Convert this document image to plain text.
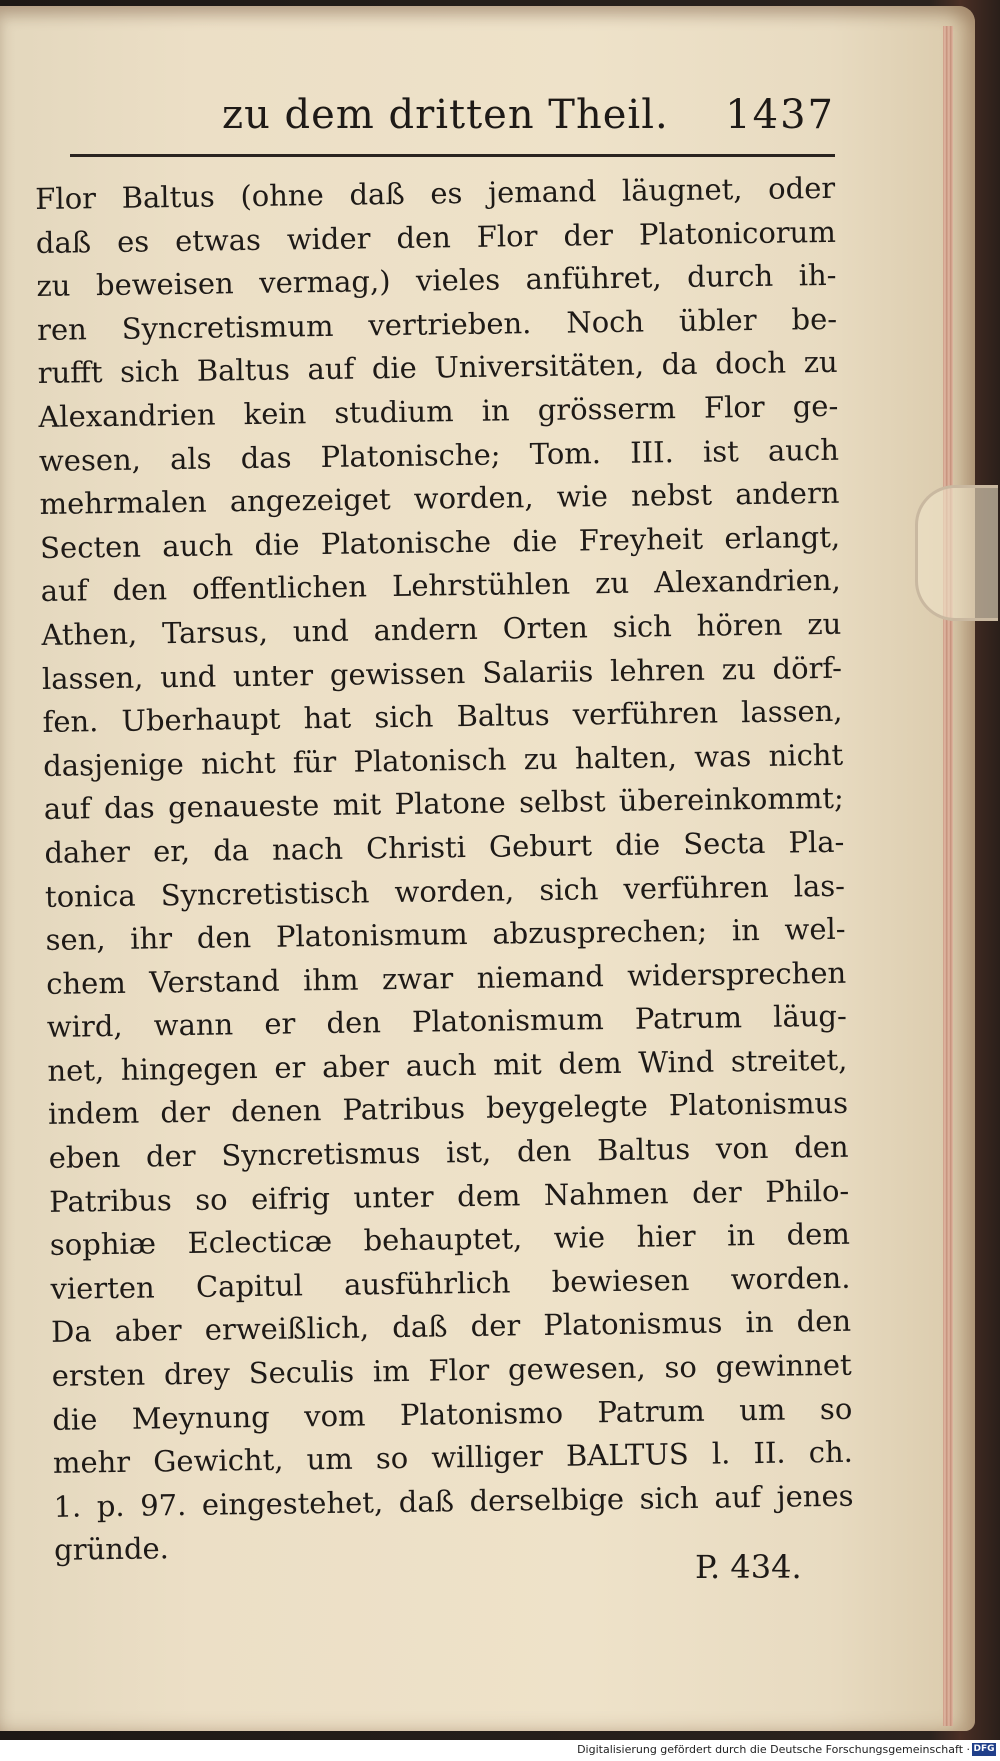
zu dem dritten Theil. 1437
Flor Baltus (ohne daß es jemand läugnet, oder
daß es etwas wider den Flor der Platonicorum
zu beweisen vermag,) vieles anführet, durch ih-
ren Syncretismum vertrieben. Noch übler be-
rufft sich Baltus auf die Universitäten, da doch zu
Alexandrien kein studium in grösserm Flor ge-
wesen, als das Platonische; Tom. III. ist auch
mehrmalen angezeiget worden, wie nebst andern
Secten auch die Platonische die Freyheit erlangt,
auf den offentlichen Lehrstühlen zu Alexandrien,
Athen, Tarsus, und andern Orten sich hören zu
lassen, und unter gewissen Salariis lehren zu dörf-
fen. Uberhaupt hat sich Baltus verführen lassen,
dasjenige nicht für Platonisch zu halten, was nicht
auf das genaueste mit Platone selbst übereinkommt;
daher er, da nach Christi Geburt die Secta Pla-
tonica Syncretistisch worden, sich verführen las-
sen, ihr den Platonismum abzusprechen; in wel-
chem Verstand ihm zwar niemand widersprechen
wird, wann er den Platonismum Patrum läug-
net, hingegen er aber auch mit dem Wind streitet,
indem der denen Patribus beygelegte Platonismus
eben der Syncretismus ist, den Baltus von den
Patribus so eifrig unter dem Nahmen der Philo-
sophiæ Eclecticæ behauptet, wie hier in dem
vierten Capitul ausführlich bewiesen worden.
Da aber erweißlich, daß der Platonismus in den
ersten drey Seculis im Flor gewesen, so gewinnet
die Meynung vom Platonismo Patrum um so
mehr Gewicht, um so williger BALTUS l. II. ch.
1. p. 97. eingestehet, daß derselbige sich auf jenes
gründe.	P. 434.
Digitalisierung gefördert durch die Deutsche Forschungsgemeinschaft · DFG
